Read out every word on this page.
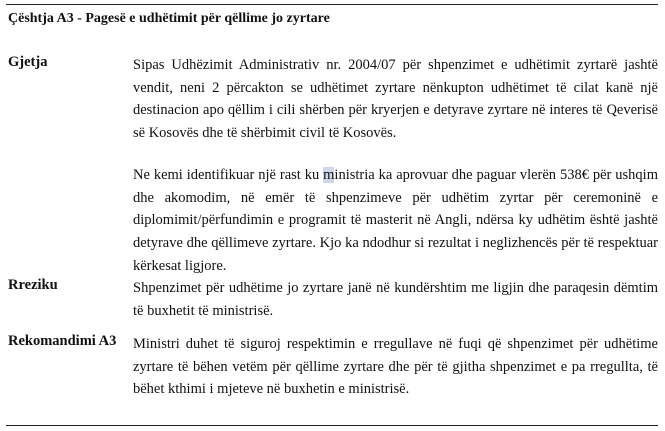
Çështja A3 - Pagesë e udhëtimit për qëllime jo zyrtare
Gjetja	Sipas Udhëzimit Administrativ nr. 2004/07 për shpenzimet e udhëtimit zyrtarë jashtë vendit, neni 2 përcakton se udhëtimet zyrtare nënkupton udhëtimet të cilat kanë një destinacion apo qëllim i cili shërben për kryerjen e detyrave zyrtare në interes të Qeverisë së Kosovës dhe të shërbimit civil të Kosovës.

Ne kemi identifikuar një rast ku ministria ka aprovuar dhe paguar vlerën 538€ për ushqim dhe akomodim, në emër të shpenzimeve për udhëtim zyrtar për ceremoninë e diplomimit/përfundimin e programit të masterit në Angli, ndërsa ky udhëtim është jashtë detyrave dhe qëllimeve zyrtare. Kjo ka ndodhur si rezultat i neglizhencës për të respektuar kërkesat ligjore.

Rreziku	Shpenzimet për udhëtime jo zyrtare janë në kundërshtim me ligjin dhe paraqesin dëmtim të buxhetit të ministrisë.
Rekomandimi A3 Ministri duhet të siguroj respektimin e rregullave në fuqi që shpenzimet për udhëtime zyrtare të bëhen vetëm për qëllime zyrtare dhe për të gjitha shpenzimet e pa rregullta, të bëhet kthimi i mjeteve në buxhetin e ministrisë.
